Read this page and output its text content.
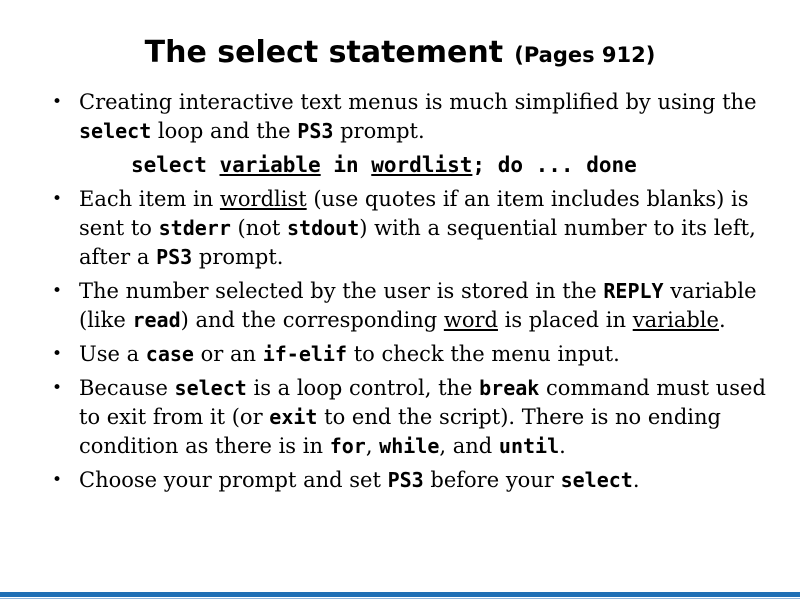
The select statement (Pages 912)
• Creating interactive text menus is much simplified by using the select loop and the PS3 prompt.
select variable in wordlist; do ... done
• Each item in wordlist (use quotes if an item includes blanks) is sent to stderr (not stdout) with a sequential number to its left, after a PS3 prompt.
• The number selected by the user is stored in the REPLY variable (like read) and the corresponding word is placed in variable.
• Use a case or an if-elif to check the menu input.
• Because select is a loop control, the break command must used to exit from it (or exit to end the script). There is no ending condition as there is in for, while, and until.
• Choose your prompt and set PS3 before your select.
